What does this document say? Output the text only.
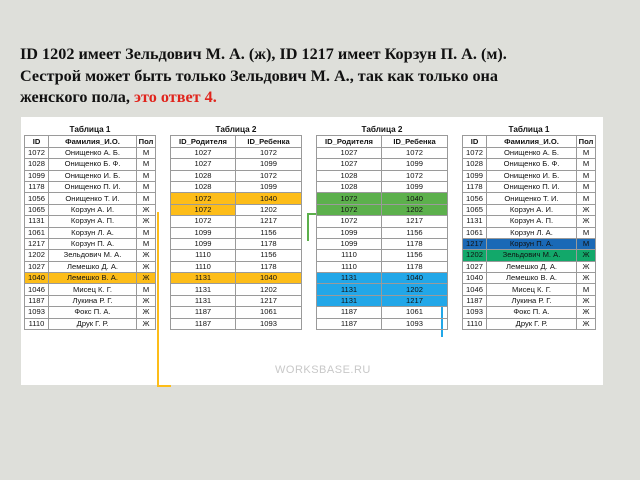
ID 1202 имеет Зельдович М. А. (ж), ID 1217 имеет Корзун П. А. (м).
Сестрой может быть только Зельдович М. А., так как только она
женского пола, это ответ 4.
Таблица 1		
ID	Фамилия_И.О.	Пол
1072	Онищенко А. Б.	М
1028	Онищенко Б. Ф.	М
1099	Онищенко И. Б.	М
1178	Онищенко П. И.	М
1056	Онищенко Т. И.	М
1065	Корзун А. И.	Ж
1131	Корзун А. П.	Ж
1061	Корзун Л. А.	М
1217	Корзун П. А.	М
1202	Зельдович М. А.	Ж
1027	Лемешко Д. А.	Ж
1040	Лемешко В. А.	Ж
1046	Мисец К. Г.	М
1187	Лукина Р. Г.	Ж
1093	Фокс П. А.	Ж
1110	Друк Г. Р.	Ж
Таблица 2	
ID_Родителя	ID_Ребенка
1027	1072
1027	1099
1028	1072
1028	1099
1072	1040
1072	1202
1072	1217
1099	1156
1099	1178
1110	1156
1110	1178
1131	1040
1131	1202
1131	1217
1187	1061
1187	1093
Таблица 2	
ID_Родителя	ID_Ребенка
1027	1072
1027	1099
1028	1072
1028	1099
1072	1040
1072	1202
1072	1217
1099	1156
1099	1178
1110	1156
1110	1178
1131	1040
1131	1202
1131	1217
1187	1061
1187	1093
Таблица 1		
ID	Фамилия_И.О.	Пол
1072	Онищенко А. Б.	М
1028	Онищенко Б. Ф.	М
1099	Онищенко И. Б.	М
1178	Онищенко П. И.	М
1056	Онищенко Т. И.	М
1065	Корзун А. И.	Ж
1131	Корзун А. П.	Ж
1061	Корзун Л. А.	М
1217	Корзун П. А.	М
1202	Зельдович М. А.	Ж
1027	Лемешко Д. А.	Ж
1040	Лемешко В. А.	Ж
1046	Мисец К. Г.	М
1187	Лукина Р. Г.	Ж
1093	Фокс П. А.	Ж
1110	Друк Г. Р.	Ж
WORKSBASE.RU
